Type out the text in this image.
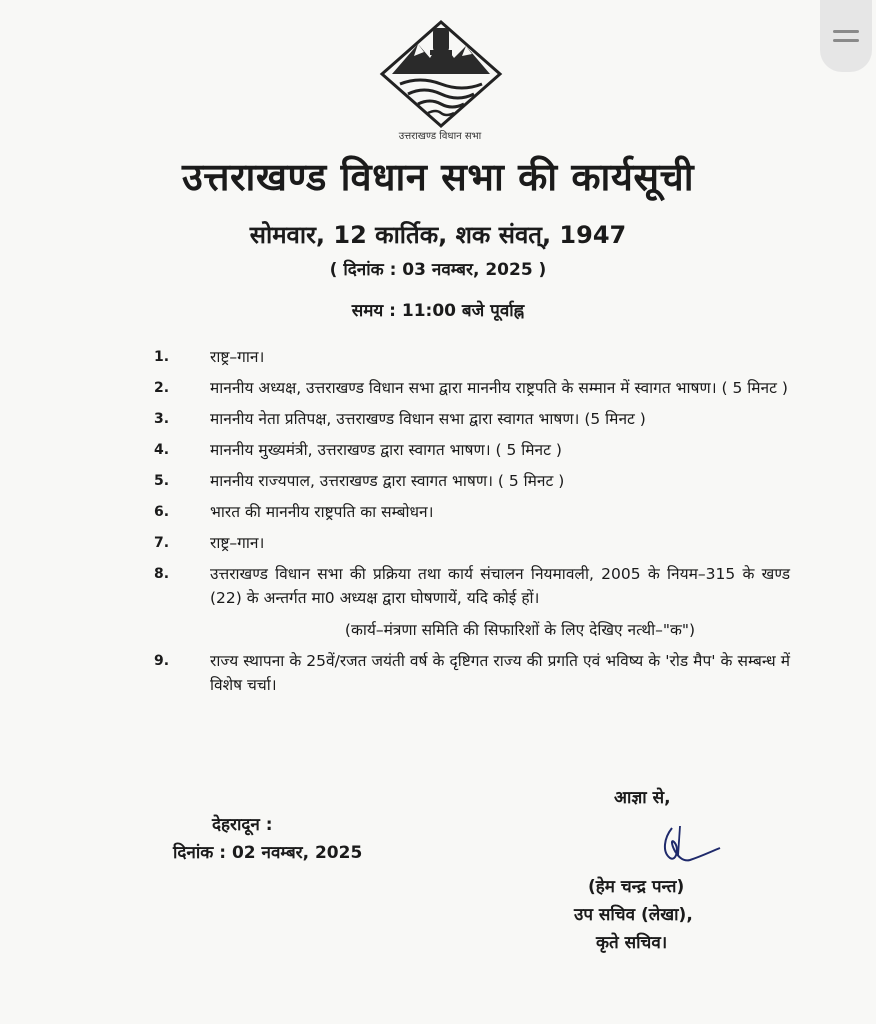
उत्तराखण्ड विधान सभा
उत्तराखण्ड विधान सभा की कार्यसूची
सोमवार, 12 कार्तिक, शक संवत्, 1947
( दिनांक : 03 नवम्बर, 2025 )
समय : 11:00 बजे पूर्वाह्न
1.	राष्ट्र–गान।
2.	माननीय अध्यक्ष, उत्तराखण्ड विधान सभा द्वारा माननीय राष्ट्रपति के सम्मान में स्वागत भाषण। ( 5 मिनट )
3.	माननीय नेता प्रतिपक्ष, उत्तराखण्ड विधान सभा द्वारा स्वागत भाषण। (5 मिनट )
4.	माननीय मुख्यमंत्री, उत्तराखण्ड द्वारा स्वागत भाषण। ( 5 मिनट )
5.	माननीय राज्यपाल, उत्तराखण्ड द्वारा स्वागत भाषण। ( 5 मिनट )
6.	भारत की माननीय राष्ट्रपति का सम्बोधन।
7.	राष्ट्र–गान।
8.	उत्तराखण्ड विधान सभा की प्रक्रिया तथा कार्य संचालन नियमावली, 2005 के नियम–315 के खण्ड (22) के अन्तर्गत मा0 अध्यक्ष द्वारा घोषणायें, यदि कोई हों।
(कार्य–मंत्रणा समिति की सिफारिशों के लिए देखिए नत्थी–"क")
9.	राज्य स्थापना के 25वें/रजत जयंती वर्ष के दृष्टिगत राज्य की प्रगति एवं भविष्य के 'रोड मैप' के सम्बन्ध में विशेष चर्चा।
आज्ञा से,
देहरादून :
दिनांक : 02 नवम्बर, 2025
(हेम चन्द्र पन्त)
उप सचिव (लेखा),
कृते सचिव।
